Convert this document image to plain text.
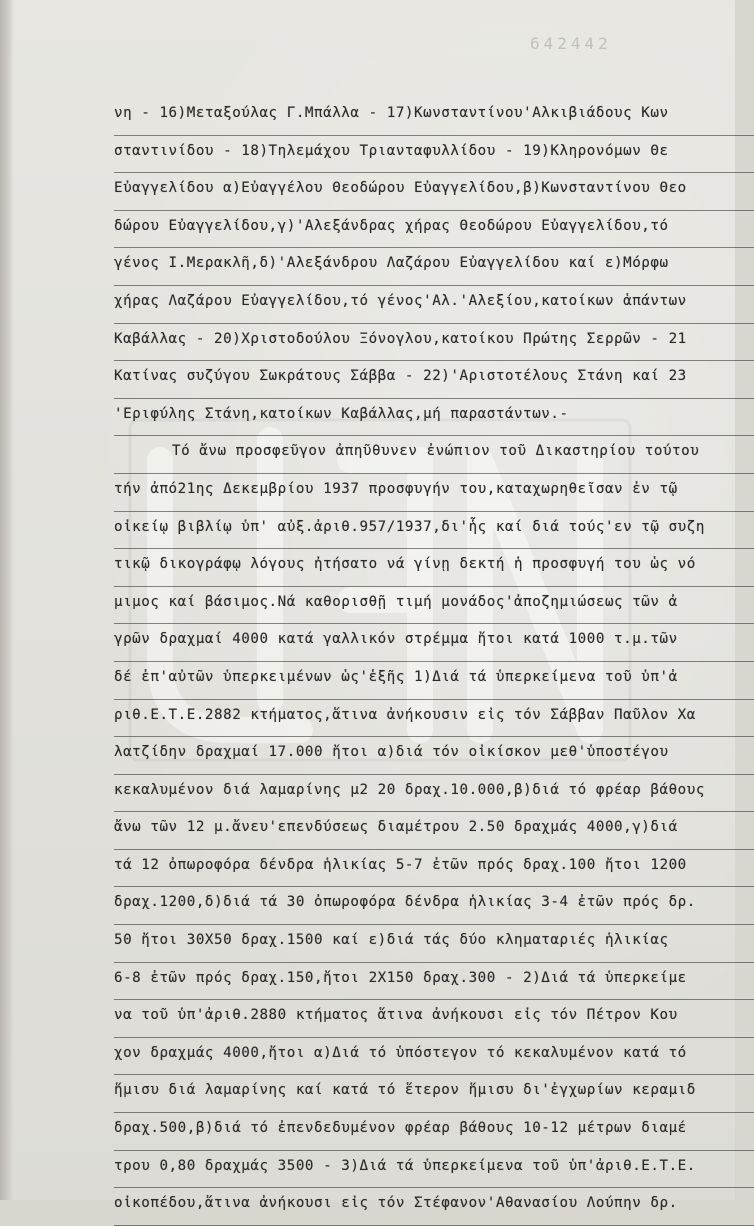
642442
νη - 16)Μεταξούλας Γ.Μπάλλα - 17)Κωνσταντίνου'Αλκιβιάδους Κων
σταντινίδου - 18)Τηλεμάχου Τριανταφυλλίδου - 19)Κληρονόμων Θε
Εὐαγγελίδου α)Εὐαγγέλου Θεοδώρου Εὐαγγελίδου,β)Κωνσταντίνου Θεο
δώρου Εὐαγγελίδου,γ)'Αλεξάνδρας χήρας Θεοδώρου Εὐαγγελίδου,τό
γένος Ι.Μερακλῆ,δ)'Αλεξάνδρου Λαζάρου Εὐαγγελίδου καί ε)Μόρφω
χήρας Λαζάρου Εὐαγγελίδου,τό γένος'Αλ.'Αλεξίου,κατοίκων ἁπάντων
Καβάλλας - 20)Χριστοδούλου Ξόνογλου,κατοίκου Πρώτης Σερρῶν - 21
Κατίνας συζύγου Σωκράτους Σάββα - 22)'Αριστοτέλους Στάνη καί 23
'Εριφύλης Στάνη,κατοίκων Καβάλλας,μή παραστάντων.-
Τό ἄνω προσφεῦγον ἀπηῦθυνεν ἐνώπιον τοῦ Δικαστηρίου τούτου
τήν ἀπό21ης Δεκεμβρίου 1937 προσφυγήν του,καταχωρηθεῖσαν ἐν τῷ
οἰκείῳ βιβλίῳ ὑπ' αὐξ.ἀριθ.957/1937,δι'ἧς καί διά τούς'εν τῷ συζη
τικῷ δικογράφῳ λόγους ἠτήσατο νά γίνῃ δεκτή ἡ προσφυγή του ὡς νό
μιμος καί βάσιμος.Νά καθορισθῇ τιμή μονάδος'ἀποζημιώσεως τῶν ἀ
γρῶν δραχμαί 4000 κατά γαλλικόν στρέμμα ἤτοι κατά 1000 τ.μ.τῶν
δέ ἐπ'αὐτῶν ὑπερκειμένων ὡς'ἑξῆς 1)Διά τά ὑπερκείμενα τοῦ ὑπ'ἀ
ριθ.Ε.Τ.Ε.2882 κτήματος,ἅτινα ἀνήκουσιν εἰς τόν Σάββαν Παῦλον Χα
λατζίδην δραχμαί 17.000 ἤτοι α)διά τόν οἰκίσκον μεθ'ὑποστέγου
κεκαλυμένον διά λαμαρίνης μ2 20 δραχ.10.000,β)διά τό φρέαρ βάθους
ἄνω τῶν 12 μ.ἄνευ'επενδύσεως διαμέτρου 2.50 δραχμάς 4000,γ)διά
τά 12 ὀπωροφόρα δένδρα ἡλικίας 5-7 ἐτῶν πρός δραχ.100 ἤτοι 1200
δραχ.1200,δ)διά τά 30 ὀπωροφόρα δένδρα ἡλικίας 3-4 ἐτῶν πρός δρ.
50 ἤτοι 30Χ50 δραχ.1500 καί ε)διά τάς δύο κληματαριές ἡλικίας
6-8 ἐτῶν πρός δραχ.150,ἤτοι 2Χ150 δραχ.300 - 2)Διά τά ὑπερκείμε
να τοῦ ὑπ'ἀριθ.2880 κτήματος ἅτινα ἀνήκουσι εἰς τόν Πέτρον Κου
χον δραχμάς 4000,ἤτοι α)Διά τό ὑπόστεγον τό κεκαλυμένον κατά τό
ἥμισυ διά λαμαρίνης καί κατά τό ἕτερον ἥμισυ δι'ἐγχωρίων κεραμιδ
δραχ.500,β)διά τό ἐπενδεδυμένον φρέαρ βάθους 10-12 μέτρων διαμέ
τρου 0,80 δραχμάς 3500 - 3)Διά τά ὑπερκείμενα τοῦ ὑπ'ἀριθ.Ε.Τ.Ε.
οἰκοπέδου,ἅτινα ἀνήκουσι εἰς τόν Στέφανον'Αθανασίου Λούπην δρ.
